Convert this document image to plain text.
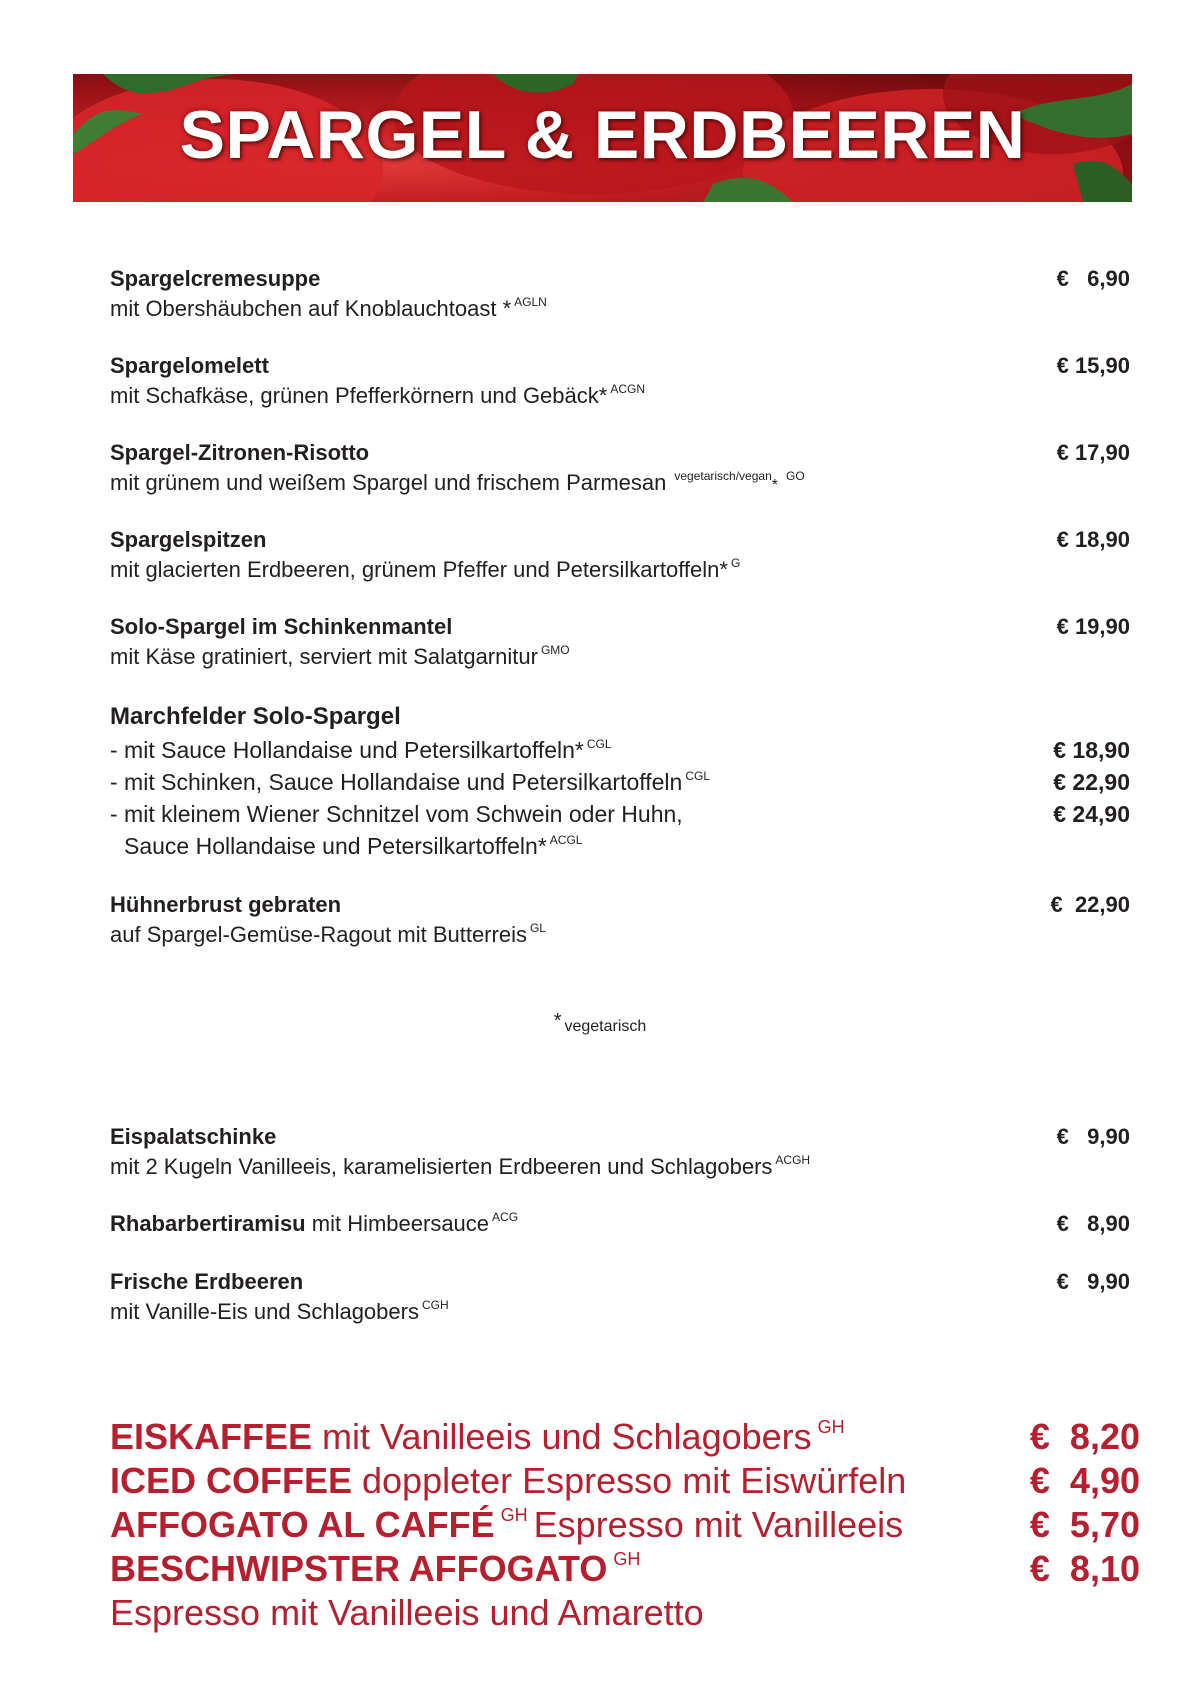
SPARGEL & ERDBEEREN
Spargelcremesuppe
mit Obershäubchen auf Knoblauchtoast * $^{AGLN}$
€   6,90
Spargelomelett
mit Schafkäse, grünen Pfefferkörnern und Gebäck* $^{ACGN}$
€ 15,90
Spargel-Zitronen-Risotto
mit grünem und weißem Spargel und frischem Parmesan $^{vegetarisch/vegan}$*$^{GO}$
€ 17,90
Spargelspitzen
mit glacierten Erdbeeren, grünem Pfeffer und Petersilkartoffeln* $^G$
€ 18,90
Solo-Spargel im Schinkenmantel
mit Käse gratiniert, serviert mit Salatgarnitur $^{GMO}$
€ 19,90
Marchfelder Solo-Spargel
- mit Sauce Hollandaise und Petersilkartoffeln* $^{CGL}$	€ 18,90
- mit Schinken, Sauce Hollandaise und Petersilkartoffeln $^{CGL}$	€ 22,90
- mit kleinem Wiener Schnitzel vom Schwein oder Huhn,	€ 24,90
Sauce Hollandaise und Petersilkartoffeln* $^{ACGL}$
Hühnerbrust gebraten
auf Spargel-Gemüse-Ragout mit Butterreis $^{GL}$
€  22,90
* vegetarisch
Eispalatschinke
mit 2 Kugeln Vanilleeis, karamelisierten Erdbeeren und Schlagobers $^{ACGH}$
€   9,90
Rhabarbertiramisu mit Himbeersauce $^{ACG}$	€   8,90
Frische Erdbeeren
mit Vanille-Eis und Schlagobers $^{CGH}$
€   9,90
EISKAFFEE mit Vanilleeis und Schlagobers $^{GH}$	€  8,20
ICED COFFEE doppleter Espresso mit Eiswürfeln	€  4,90
AFFOGATO AL CAFFÉ $^{GH}$ Espresso mit Vanilleeis	€  5,70
BESCHWIPSTER AFFOGATO $^{GH}$	€  8,10
Espresso mit Vanilleeis und Amaretto
